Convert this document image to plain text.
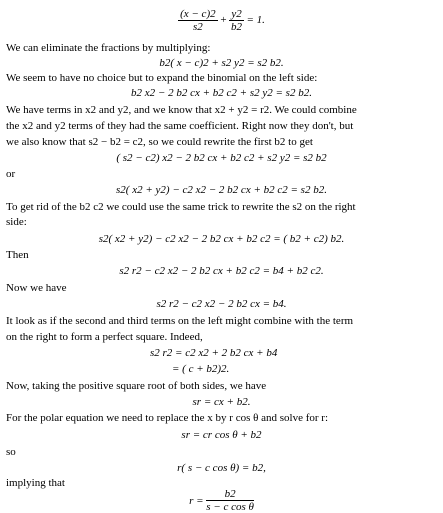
$\frac{(x - c)2}{s2} + \frac{y2}{b2} = 1$.
We can eliminate the fractions by multiplying:
b2( x − c)2 + s2 y2 = s2 b2.
We seem to have no choice but to expand the binomial on the left side:
b2 x2 − 2 b2 cx + b2 c2 + s2 y2 = s2 b2.
We have terms in x2 and y2, and we know that x2 + y2 = r2. We could combine
the x2 and y2 terms of they had the same coefficient. Right now they don't, but
we also know that s2 − b2 = c2, so we could rewrite the first b2 to get
( s2 − c2) x2 − 2 b2 cx + b2 c2 + s2 y2 = s2 b2
or
s2( x2 + y2) − c2 x2 − 2 b2 cx + b2 c2 = s2 b2.
To get rid of the b2 c2 we could use the same trick to rewrite the s2 on the right
side:
s2( x2 + y2) − c2 x2 − 2 b2 cx + b2 c2 = ( b2 + c2) b2.
Then
s2 r2 − c2 x2 − 2 b2 cx + b2 c2 = b4 + b2 c2.
Now we have
s2 r2 − c2 x2 − 2 b2 cx = b4.
It look as if the second and third terms on the left might combine with the term
on the right to form a perfect square. Indeed,
s2 r2 = c2 x2 + 2 b2 cx + b4
= ( c + b2)2.
Now, taking the positive square root of both sides, we have
sr = cx + b2.
For the polar equation we need to replace the x by r cos θ and solve for r:
sr = cr cos θ + b2
so
r( s − c cos θ) = b2,
implying that
$r = \frac{b2}{\text{s − c cos θ}}$
